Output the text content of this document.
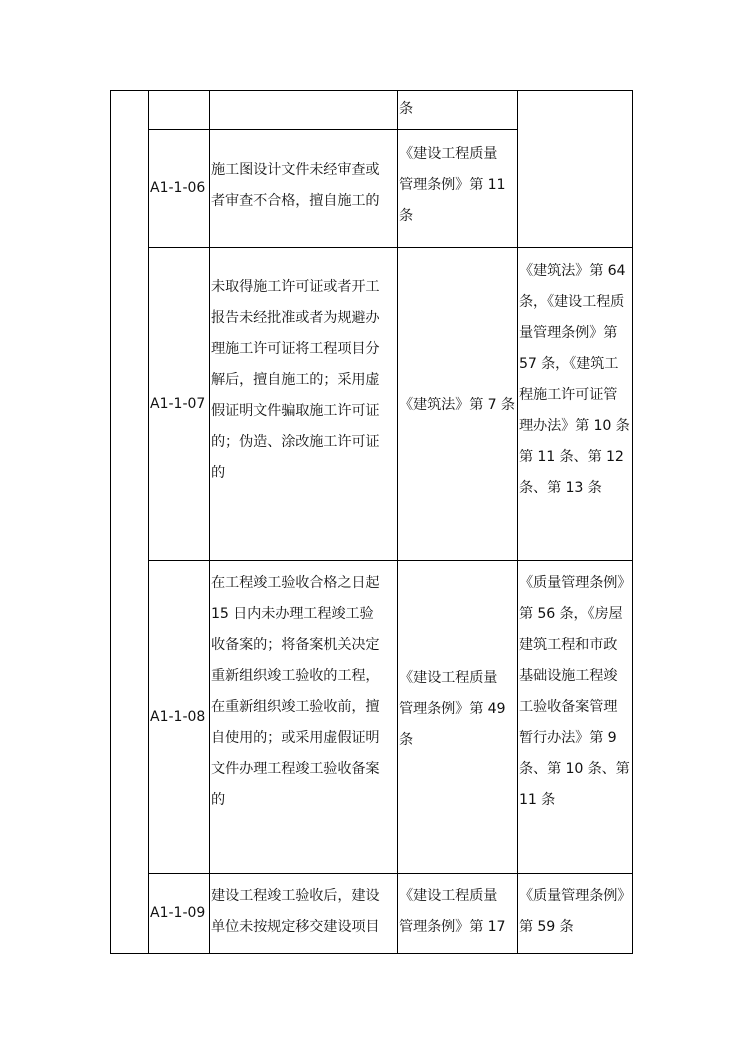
条

A1-1-06

施工图设计文件未经审查或

者审查不合格，擅自施工的

《建设工程质量

管理条例》第 11

条

A1-1-07

未取得施工许可证或者开工

报告未经批准或者为规避办

理施工许可证将工程项目分

解后，擅自施工的；采用虚

假证明文件骗取施工许可证

的；伪造、涂改施工许可证

的

《建筑法》第 7 条

《建筑法》第 64

条，《建设工程质

量管理条例》第

57 条，《建筑工

程施工许可证管

理办法》第 10 条

第 11 条、第 12

条、第 13 条

A1-1-08

在工程竣工验收合格之日起

15 日内未办理工程竣工验

收备案的；将备案机关决定

重新组织竣工验收的工程，

在重新组织竣工验收前，擅

自使用的；或采用虚假证明

文件办理工程竣工验收备案

的

《建设工程质量

管理条例》第 49

条

《质量管理条例》

第 56 条，《房屋

建筑工程和市政

基础设施工程竣

工验收备案管理

暂行办法》第 9

条、第 10 条、第

11 条

A1-1-09

建设工程竣工验收后，建设

单位未按规定移交建设项目

《建设工程质量

管理条例》第 17

《质量管理条例》

第 59 条
